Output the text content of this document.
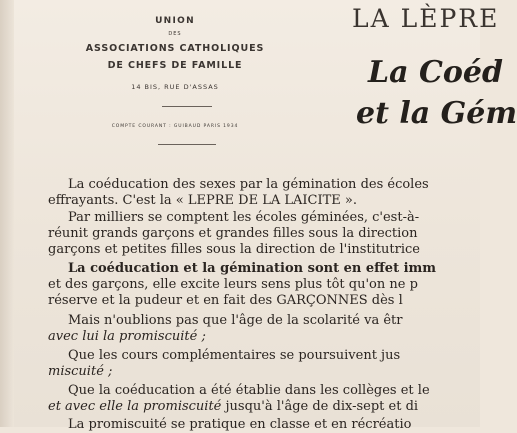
UNION
DES
ASSOCIATIONS CATHOLIQUES
DE CHEFS DE FAMILLE
14 BIS, RUE D'ASSAS
COMPTE COURANT : GUIBAUD PARIS 1934
LA LÈPRE
La Coéd
et la Gém
La coéducation des sexes par la gémination des écoles
effrayants. C'est la « LEPRE DE LA LAICITE ».
Par milliers se comptent les écoles géminées, c'est-à-
réunit grands garçons et grandes filles sous la direction
garçons et petites filles sous la direction de l'institutrice
La coéducation et la gémination sont en effet imm
et des garçons, elle excite leurs sens plus tôt qu'on ne p
réserve et la pudeur et en fait des GARÇONNES dès l
Mais n'oublions pas que l'âge de la scolarité va êtr
avec lui la promiscuité ;
Que les cours complémentaires se poursuivent jus
miscuité ;
Que la coéducation a été établie dans les collèges et le
et avec elle la promiscuité jusqu'à l'âge de dix-sept et di
La promiscuité se pratique en classe et en récréatio
